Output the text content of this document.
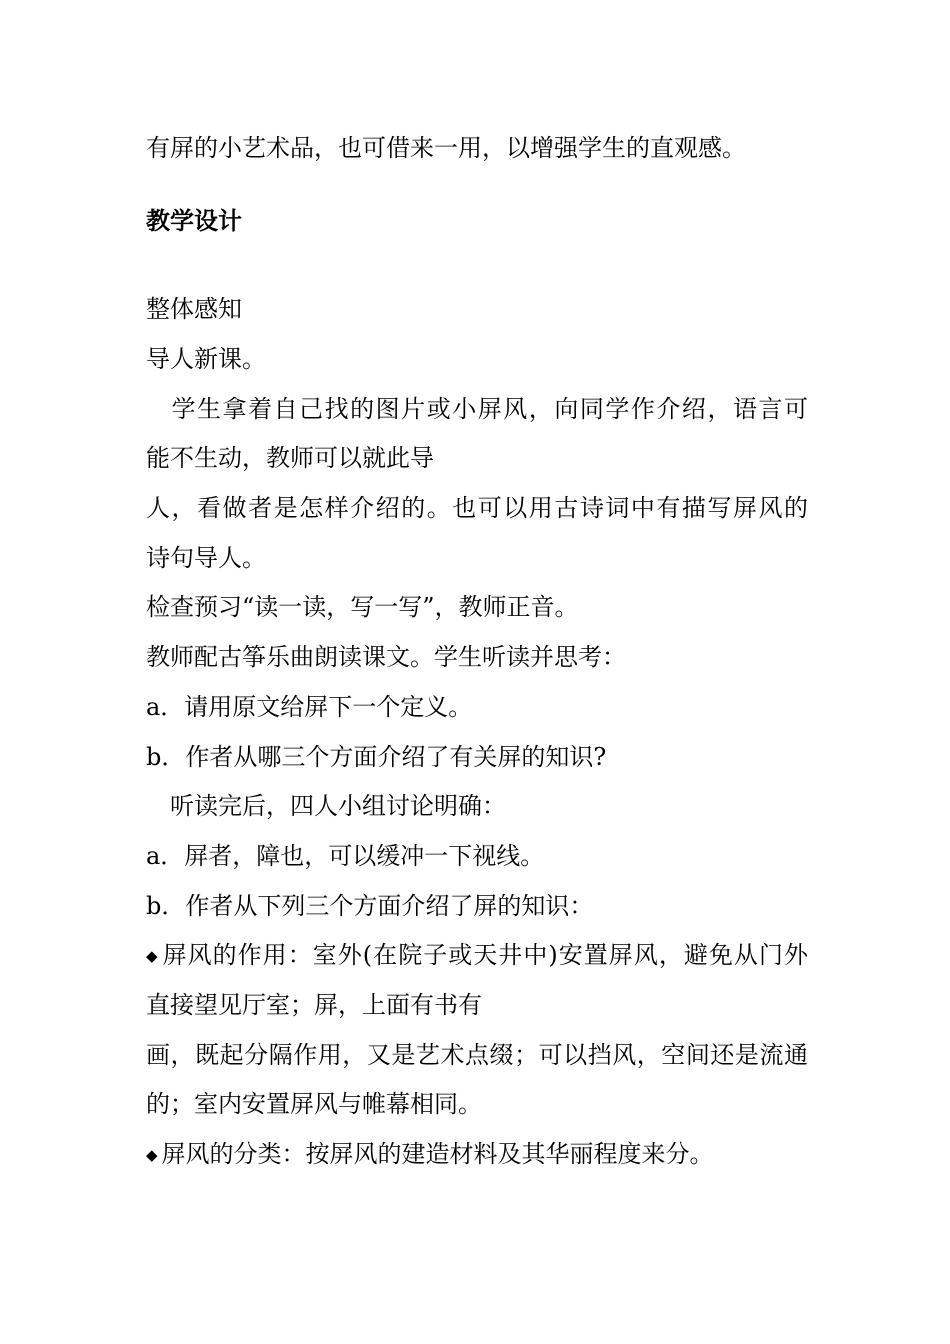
有屏的小艺术品，也可借来一用，以增强学生的直观感。
教学设计
整体感知
导人新课。
　学生拿着自己找的图片或小屏风，向同学作介绍，语言可
能不生动，教师可以就此导
人，看做者是怎样介绍的。也可以用古诗词中有描写屏风的
诗句导人。
检查预习“读一读，写一写”，教师正音。
教师配古筝乐曲朗读课文。学生听读并思考：
a．请用原文给屏下一个定义。
b．作者从哪三个方面介绍了有关屏的知识?
　听读完后，四人小组讨论明确：
a．屏者，障也，可以缓冲一下视线。
b．作者从下列三个方面介绍了屏的知识：
◆ 屏风的作用：室外(在院子或天井中)安置屏风，避免从门外
直接望见厅室；屏，上面有书有
画，既起分隔作用，又是艺术点缀；可以挡风，空间还是流通
的；室内安置屏风与帷幕相同。
◆ 屏风的分类：按屏风的建造材料及其华丽程度来分。
